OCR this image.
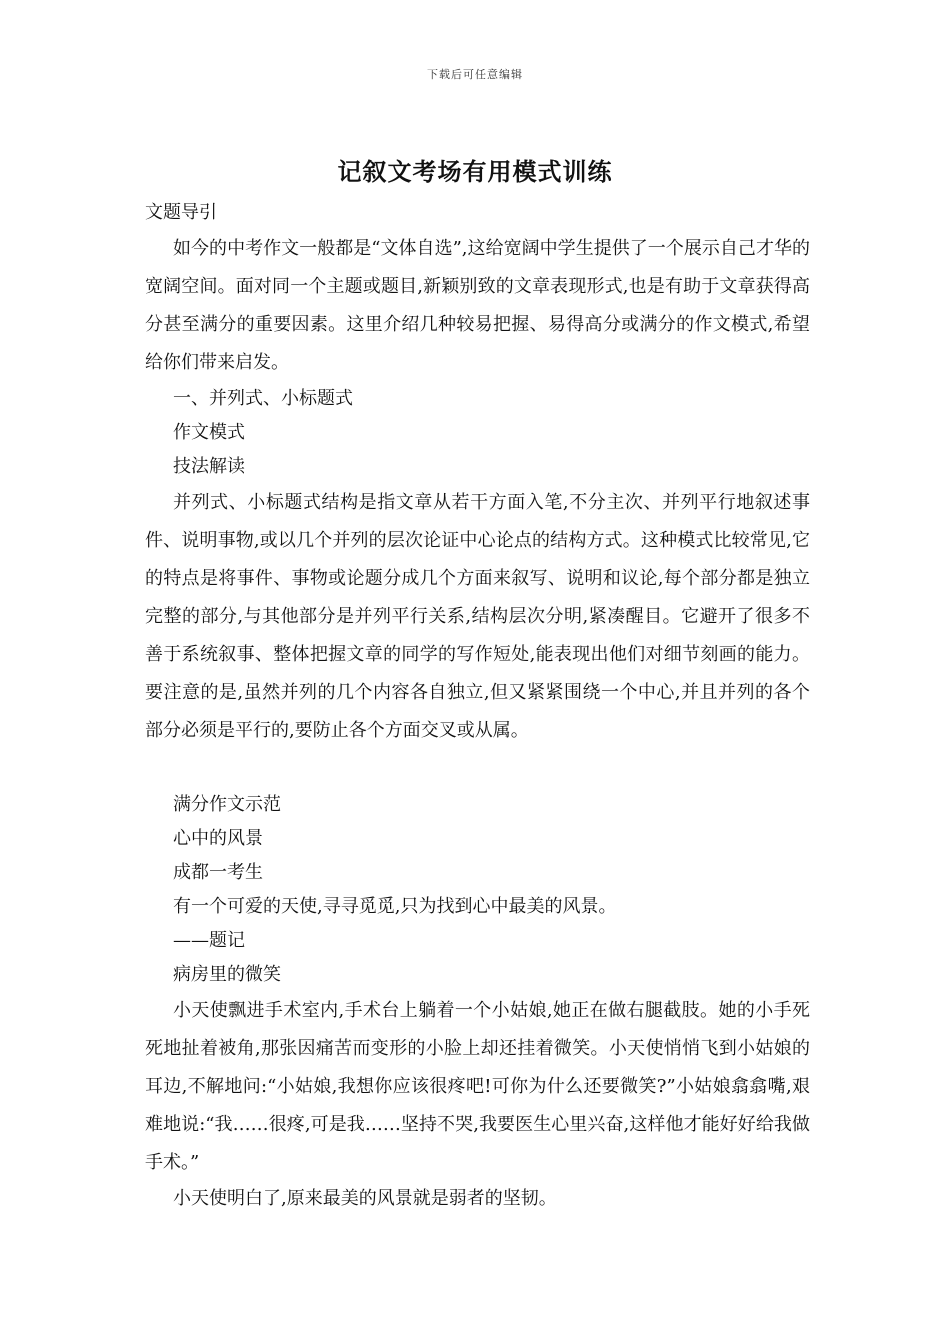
下载后可任意编辑
记叙文考场有用模式训练

文题导引

如今的中考作文一般都是“文体自选”,这给宽阔中学生提供了一个展示自己才华的宽阔空间。面对同一个主题或题目,新颖别致的文章表现形式,也是有助于文章获得高分甚至满分的重要因素。这里介绍几种较易把握、易得高分或满分的作文模式,希望给你们带来启发。

一、并列式、小标题式

作文模式

技法解读

并列式、小标题式结构是指文章从若干方面入笔,不分主次、并列平行地叙述事件、说明事物,或以几个并列的层次论证中心论点的结构方式。这种模式比较常见,它的特点是将事件、事物或论题分成几个方面来叙写、说明和议论,每个部分都是独立完整的部分,与其他部分是并列平行关系,结构层次分明,紧凑醒目。它避开了很多不善于系统叙事、整体把握文章的同学的写作短处,能表现出他们对细节刻画的能力。要注意的是,虽然并列的几个内容各自独立,但又紧紧围绕一个中心,并且并列的各个部分必须是平行的,要防止各个方面交叉或从属。

满分作文示范

心中的风景

成都一考生

有一个可爱的天使,寻寻觅觅,只为找到心中最美的风景。

——题记

病房里的微笑

小天使飘进手术室内,手术台上躺着一个小姑娘,她正在做右腿截肢。她的小手死死地扯着被角,那张因痛苦而变形的小脸上却还挂着微笑。小天使悄悄飞到小姑娘的耳边,不解地问:“小姑娘,我想你应该很疼吧!可你为什么还要微笑?”小姑娘翕翕嘴,艰难地说:“我……很疼,可是我……坚持不哭,我要医生心里兴奋,这样他才能好好给我做手术。”

小天使明白了,原来最美的风景就是弱者的坚韧。
